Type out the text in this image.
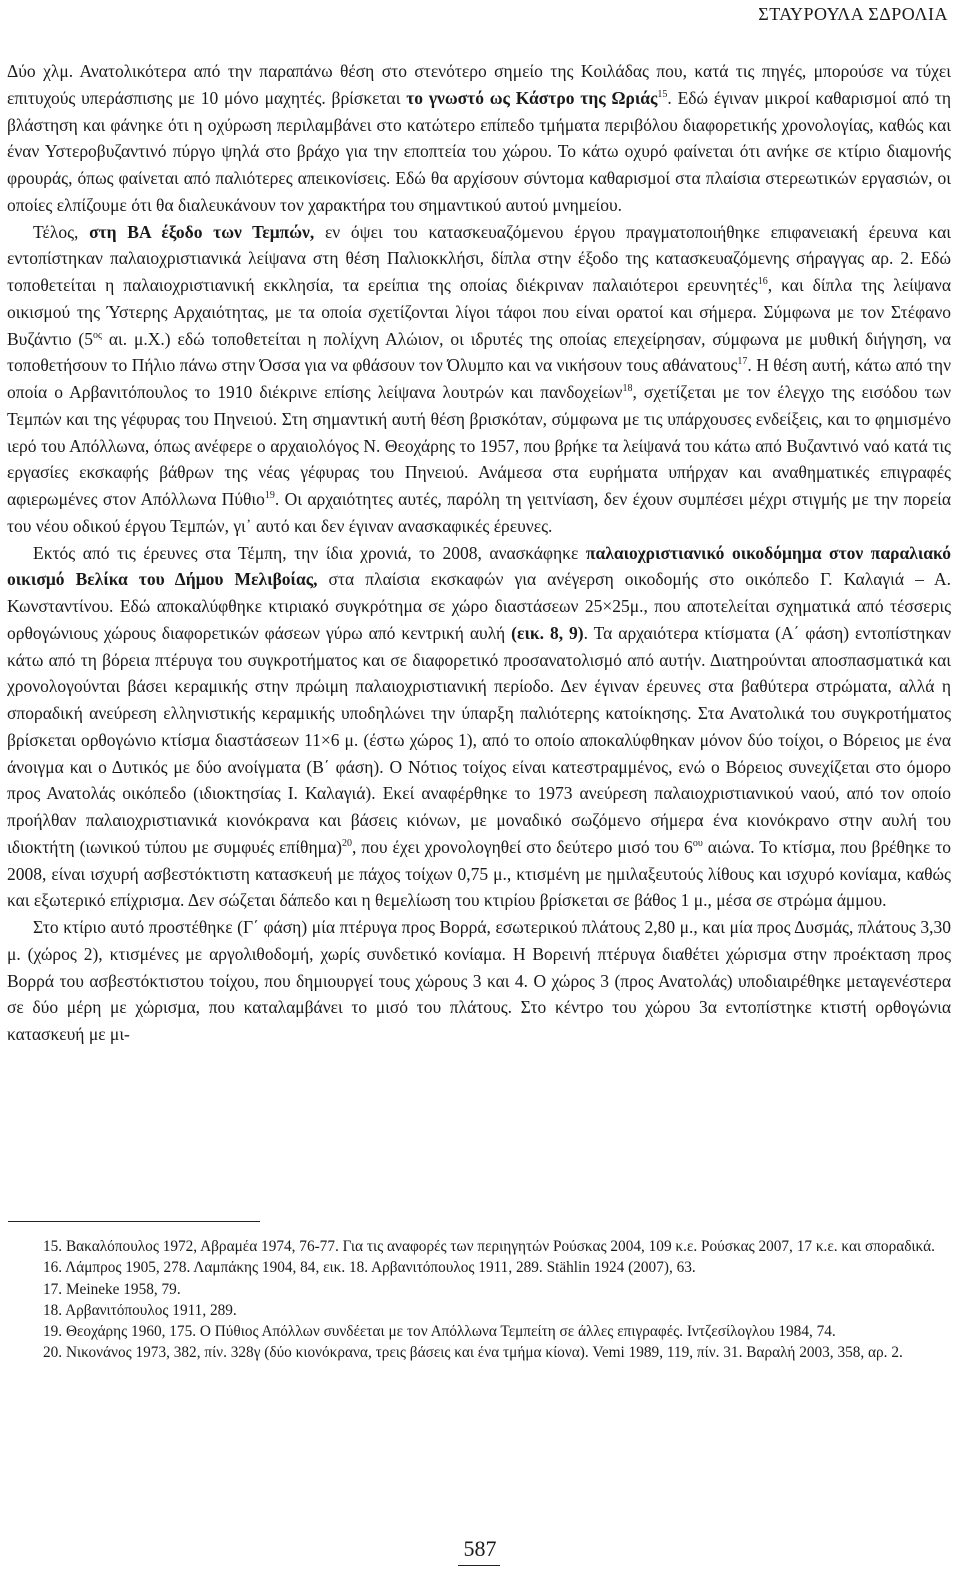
ΣΤΑΥΡΟΥΛΑ ΣΔΡΟΛΙΑ

Δύο χλμ. Ανατολικότερα από την παραπάνω θέση στο στενότερο σημείο της Κοιλάδας που, κατά τις πηγές, μπορούσε να τύχει επιτυχούς υπεράσπισης με 10 μόνο μαχητές. βρίσκεται το γνωστό ως Κάστρο της Ωριάς$^{15}$. Εδώ έγιναν μικροί καθαρισμοί από τη βλάστηση και φάνηκε ότι η οχύρωση περιλαμβάνει στο κατώτερο επίπεδο τμήματα περιβόλου διαφορετικής χρονολογίας, καθώς και έναν Υστεροβυζαντινό πύργο ψηλά στο βράχο για την εποπτεία του χώρου. Το κάτω οχυρό φαίνεται ότι ανήκε σε κτίριο διαμονής φρουράς, όπως φαίνεται από παλιότερες απεικονίσεις. Εδώ θα αρχίσουν σύντομα καθαρισμοί στα πλαίσια στερεωτικών εργασιών, οι οποίες ελπίζουμε ότι θα διαλευκάνουν τον χαρακτήρα του σημαντικού αυτού μνημείου.

Τέλος, στη ΒΑ έξοδο των Τεμπών, εν όψει του κατασκευαζόμενου έργου πραγματοποιήθηκε επιφανειακή έρευνα και εντοπίστηκαν παλαιοχριστιανικά λείψανα στη θέση Παλιοκκλήσι, δίπλα στην έξοδο της κατασκευαζόμενης σήραγγας αρ. 2. Εδώ τοποθετείται η παλαιοχριστιανική εκκλησία, τα ερείπια της οποίας διέκριναν παλαιότεροι ερευνητές$^{16}$, και δίπλα της λείψανα οικισμού της Ύστερης Αρχαιότητας, με τα οποία σχετίζονται λίγοι τάφοι που είναι ορατοί και σήμερα. Σύμφωνα με τον Στέφανο Βυζάντιο ($5^{o\varsigma}$ αι. μ.Χ.) εδώ τοποθετείται η πολίχνη Αλώιον, οι ιδρυτές της οποίας επεχείρησαν, σύμφωνα με μυθική διήγηση, να τοποθετήσουν το Πήλιο πάνω στην Όσσα για να φθάσουν τον Όλυμπο και να νικήσουν τους αθάνατους$^{17}$. Η θέση αυτή, κάτω από την οποία ο Αρβανιτόπουλος το 1910 διέκρινε επίσης λείψανα λουτρών και πανδοχείων$^{18}$, σχετίζεται με τον έλεγχο της εισόδου των Τεμπών και της γέφυρας του Πηνειού. Στη σημαντική αυτή θέση βρισκόταν, σύμφωνα με τις υπάρχουσες ενδείξεις, και το φημισμένο ιερό του Απόλλωνα, όπως ανέφερε ο αρχαιολόγος Ν. Θεοχάρης το 1957, που βρήκε τα λείψανά του κάτω από Βυζαντινό ναό κατά τις εργασίες εκσκαφής βάθρων της νέας γέφυρας του Πηνειού. Ανάμεσα στα ευρήματα υπήρχαν και αναθηματικές επιγραφές αφιερωμένες στον Απόλλωνα Πύθιο$^{19}$. Οι αρχαιότητες αυτές, παρόλη τη γειτνίαση, δεν έχουν συμπέσει μέχρι στιγμής με την πορεία του νέου οδικού έργου Τεμπών, γι᾽ αυτό και δεν έγιναν ανασκαφικές έρευνες.

Εκτός από τις έρευνες στα Τέμπη, την ίδια χρονιά, το 2008, ανασκάφηκε παλαιοχριστιανικό οικοδόμημα στον παραλιακό οικισμό Βελίκα του Δήμου Μελιβοίας, στα πλαίσια εκσκαφών για ανέγερση οικοδομής στο οικόπεδο Γ. Καλαγιά – Α. Κωνσταντίνου. Εδώ αποκαλύφθηκε κτιριακό συγκρότημα σε χώρο διαστάσεων 25×25μ., που αποτελείται σχηματικά από τέσσερις ορθογώνιους χώρους διαφορετικών φάσεων γύρω από κεντρική αυλή (εικ. 8, 9). Τα αρχαιότερα κτίσματα (Α΄ φάση) εντοπίστηκαν κάτω από τη βόρεια πτέρυγα του συγκροτήματος και σε διαφορετικό προσανατολισμό από αυτήν. Διατηρούνται αποσπασματικά και χρονολογούνται βάσει κεραμικής στην πρώιμη παλαιοχριστιανική περίοδο. Δεν έγιναν έρευνες στα βαθύτερα στρώματα, αλλά η σποραδική ανεύρεση ελληνιστικής κεραμικής υποδηλώνει την ύπαρξη παλιότερης κατοίκησης. Στα Ανατολικά του συγκροτήματος βρίσκεται ορθογώνιο κτίσμα διαστάσεων 11×6 μ. (έστω χώρος 1), από το οποίο αποκαλύφθηκαν μόνον δύο τοίχοι, ο Βόρειος με ένα άνοιγμα και ο Δυτικός με δύο ανοίγματα (Β΄ φάση). Ο Νότιος τοίχος είναι κατεστραμμένος, ενώ ο Βόρειος συνεχίζεται στο όμορο προς Ανατολάς οικόπεδο (ιδιοκτησίας Ι. Καλαγιά). Εκεί αναφέρθηκε το 1973 ανεύρεση παλαιοχριστιανικού ναού, από τον οποίο προήλθαν παλαιοχριστιανικά κιονόκρανα και βάσεις κιόνων, με μοναδικό σωζόμενο σήμερα ένα κιονόκρανο στην αυλή του ιδιοκτήτη (ιωνικού τύπου με συμφυές επίθημα)$^{20}$, που έχει χρονολογηθεί στο δεύτερο μισό του $6^{o\upsilon}$ αιώνα. Το κτίσμα, που βρέθηκε το 2008, είναι ισχυρή ασβεστόκτιστη κατασκευή με πάχος τοίχων 0,75 μ., κτισμένη με ημιλαξευτούς λίθους και ισχυρό κονίαμα, καθώς και εξωτερικό επίχρισμα. Δεν σώζεται δάπεδο και η θεμελίωση του κτιρίου βρίσκεται σε βάθος 1 μ., μέσα σε στρώμα άμμου.

Στο κτίριο αυτό προστέθηκε (Γ΄ φάση) μία πτέρυγα προς Βορρά, εσωτερικού πλάτους 2,80 μ., και μία προς Δυσμάς, πλάτους 3,30 μ. (χώρος 2), κτισμένες με αργολιθοδομή, χωρίς συνδετικό κονίαμα. Η Βορεινή πτέρυγα διαθέτει χώρισμα στην προέκταση προς Βορρά του ασβεστόκτιστου τοίχου, που δημιουργεί τους χώρους 3 και 4. Ο χώρος 3 (προς Ανατολάς) υποδιαιρέθηκε μεταγενέστερα σε δύο μέρη με χώρισμα, που καταλαμβάνει το μισό του πλάτους. Στο κέντρο του χώρου 3α εντοπίστηκε κτιστή ορθογώνια κατασκευή με μι-

15. Βακαλόπουλος 1972, Αβραμέα 1974, 76-77. Για τις αναφορές των περιηγητών Ρούσκας 2004, 109 κ.ε. Ρούσκας 2007, 17 κ.ε. και σποραδικά.

16. Λάμπρος 1905, 278. Λαμπάκης 1904, 84, εικ. 18. Αρβανιτόπουλος 1911, 289. Stählin 1924 (2007), 63.

17. Meineke 1958, 79.

18. Αρβανιτόπουλος 1911, 289.

19. Θεοχάρης 1960, 175. Ο Πύθιος Απόλλων συνδέεται με τον Απόλλωνα Τεμπείτη σε άλλες επιγραφές. Ιντζεσίλογλου 1984, 74.

20. Νικονάνος 1973, 382, πίν. 328γ (δύο κιονόκρανα, τρεις βάσεις και ένα τμήμα κίονα). Vemi 1989, 119, πίν. 31. Βαραλή 2003, 358, αρ. 2.

587
